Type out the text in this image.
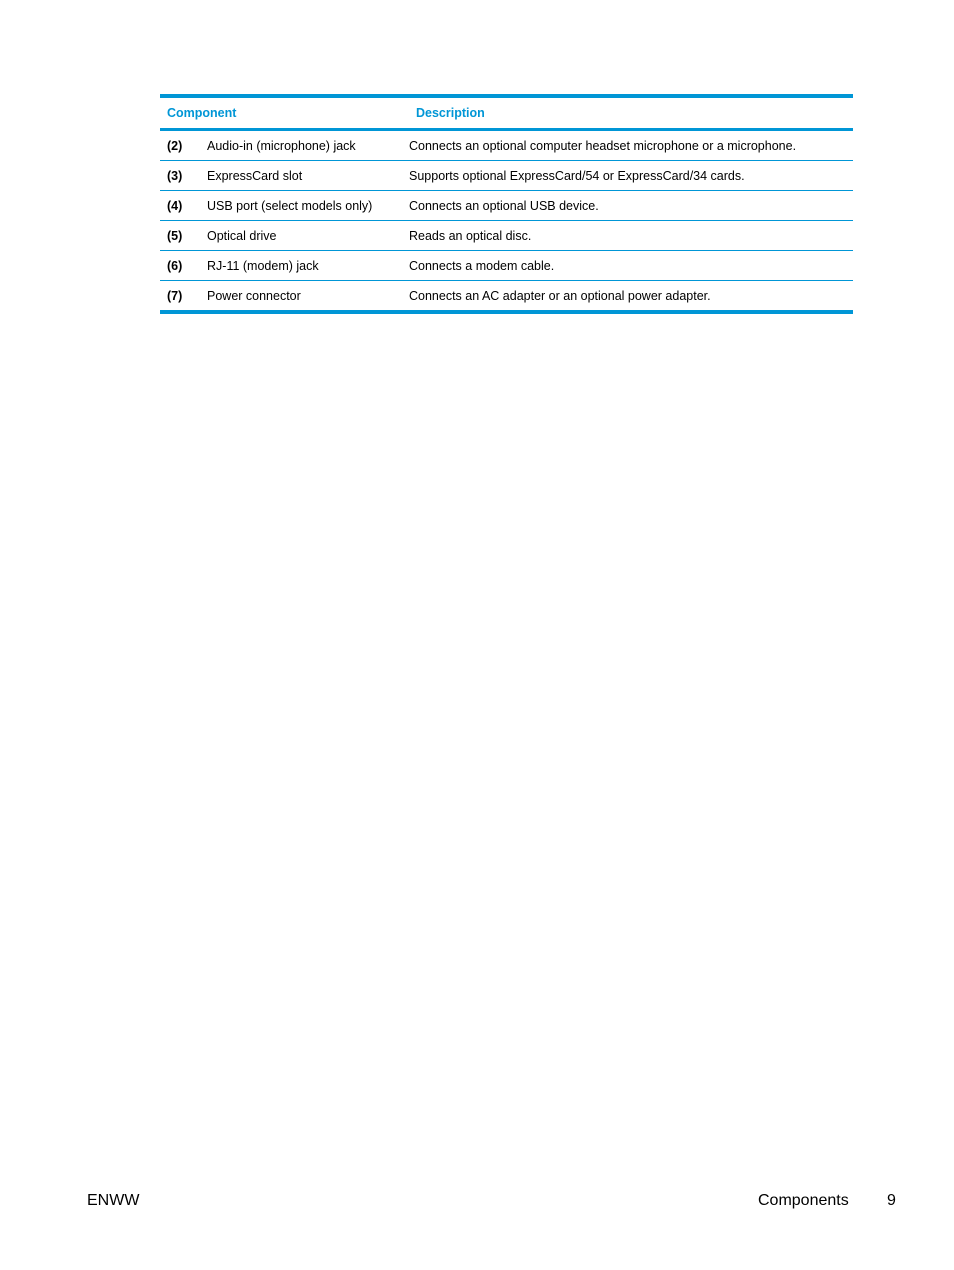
Component		Description
(2)	Audio-in (microphone) jack	Connects an optional computer headset microphone or a microphone.
(3)	ExpressCard slot	Supports optional ExpressCard/54 or ExpressCard/34 cards.
(4)	USB port (select models only)	Connects an optional USB device.
(5)	Optical drive	Reads an optical disc.
(6)	RJ-11 (modem) jack	Connects a modem cable.
(7)	Power connector	Connects an AC adapter or an optional power adapter.
ENWW	Components 9
